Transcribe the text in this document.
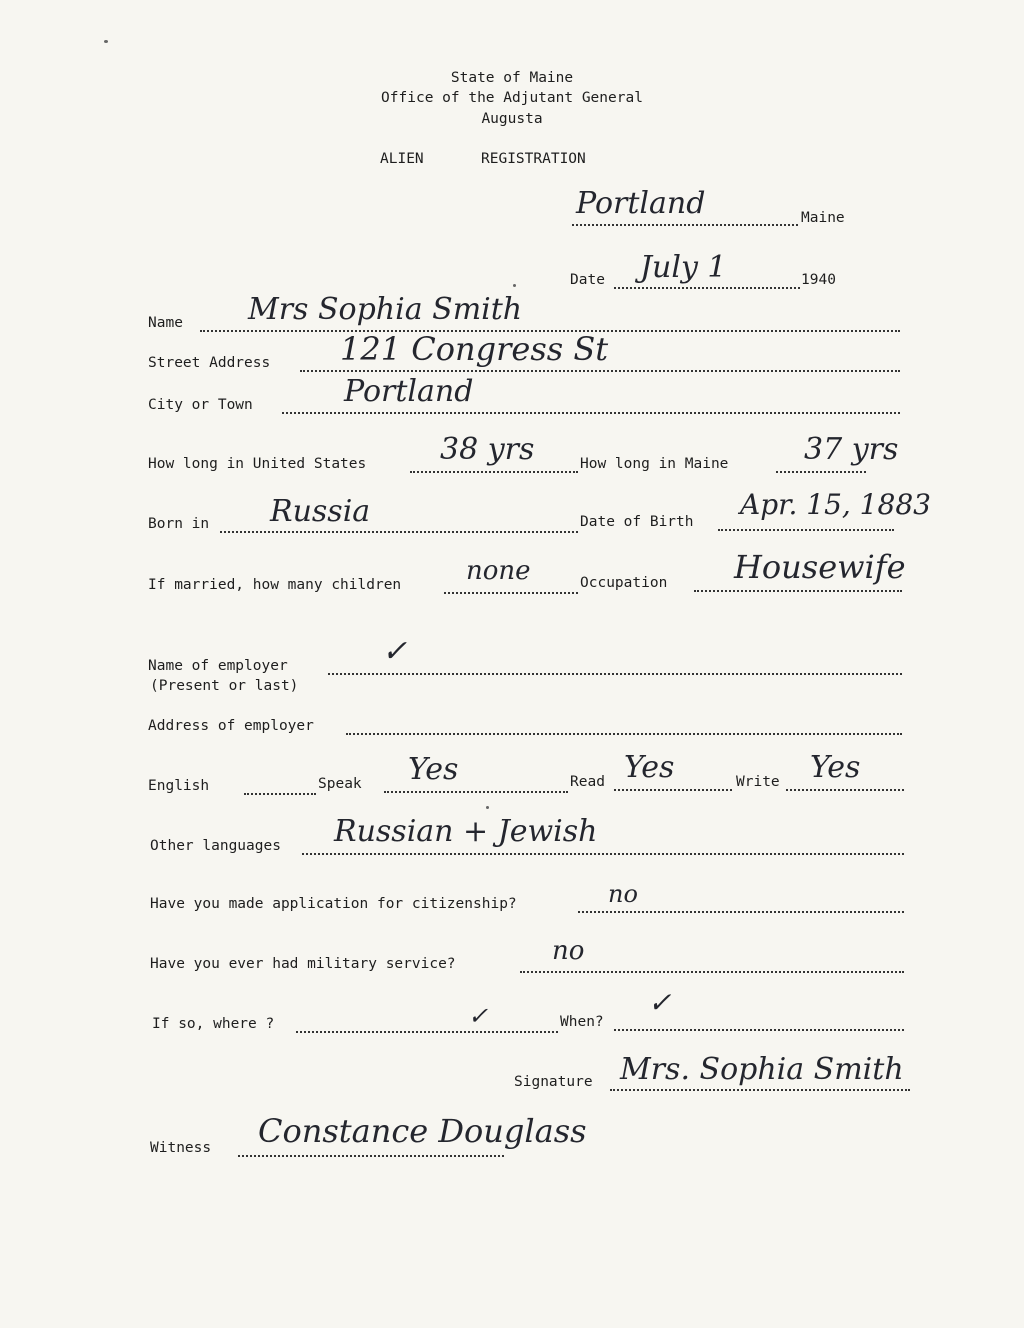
State of Maine
Office of the Adjutant General
Augusta
ALIEN	REGISTRATION
Portland	Maine
Date July 1	1940
Name Mrs Sophia Smith
Street Address 121 Congress St
City or Town	Portland
How long in United States 38 yrs	How long in Maine	37 yrs
Born in Russia	Date of Birth
Apr. 15, 1883
If married, how many children none	Occupation Housewife
Name of employer
(Present or last)
✓
Address of employer
English	Speak Yes	Read Yes	Write Yes
Other languages Russian + Jewish
Have you made application for citizenship?	no
Have you ever had military service?	no
If so, where ?	✓	When?
✓
Signature Mrs. Sophia Smith
Witness Constance Douglass
